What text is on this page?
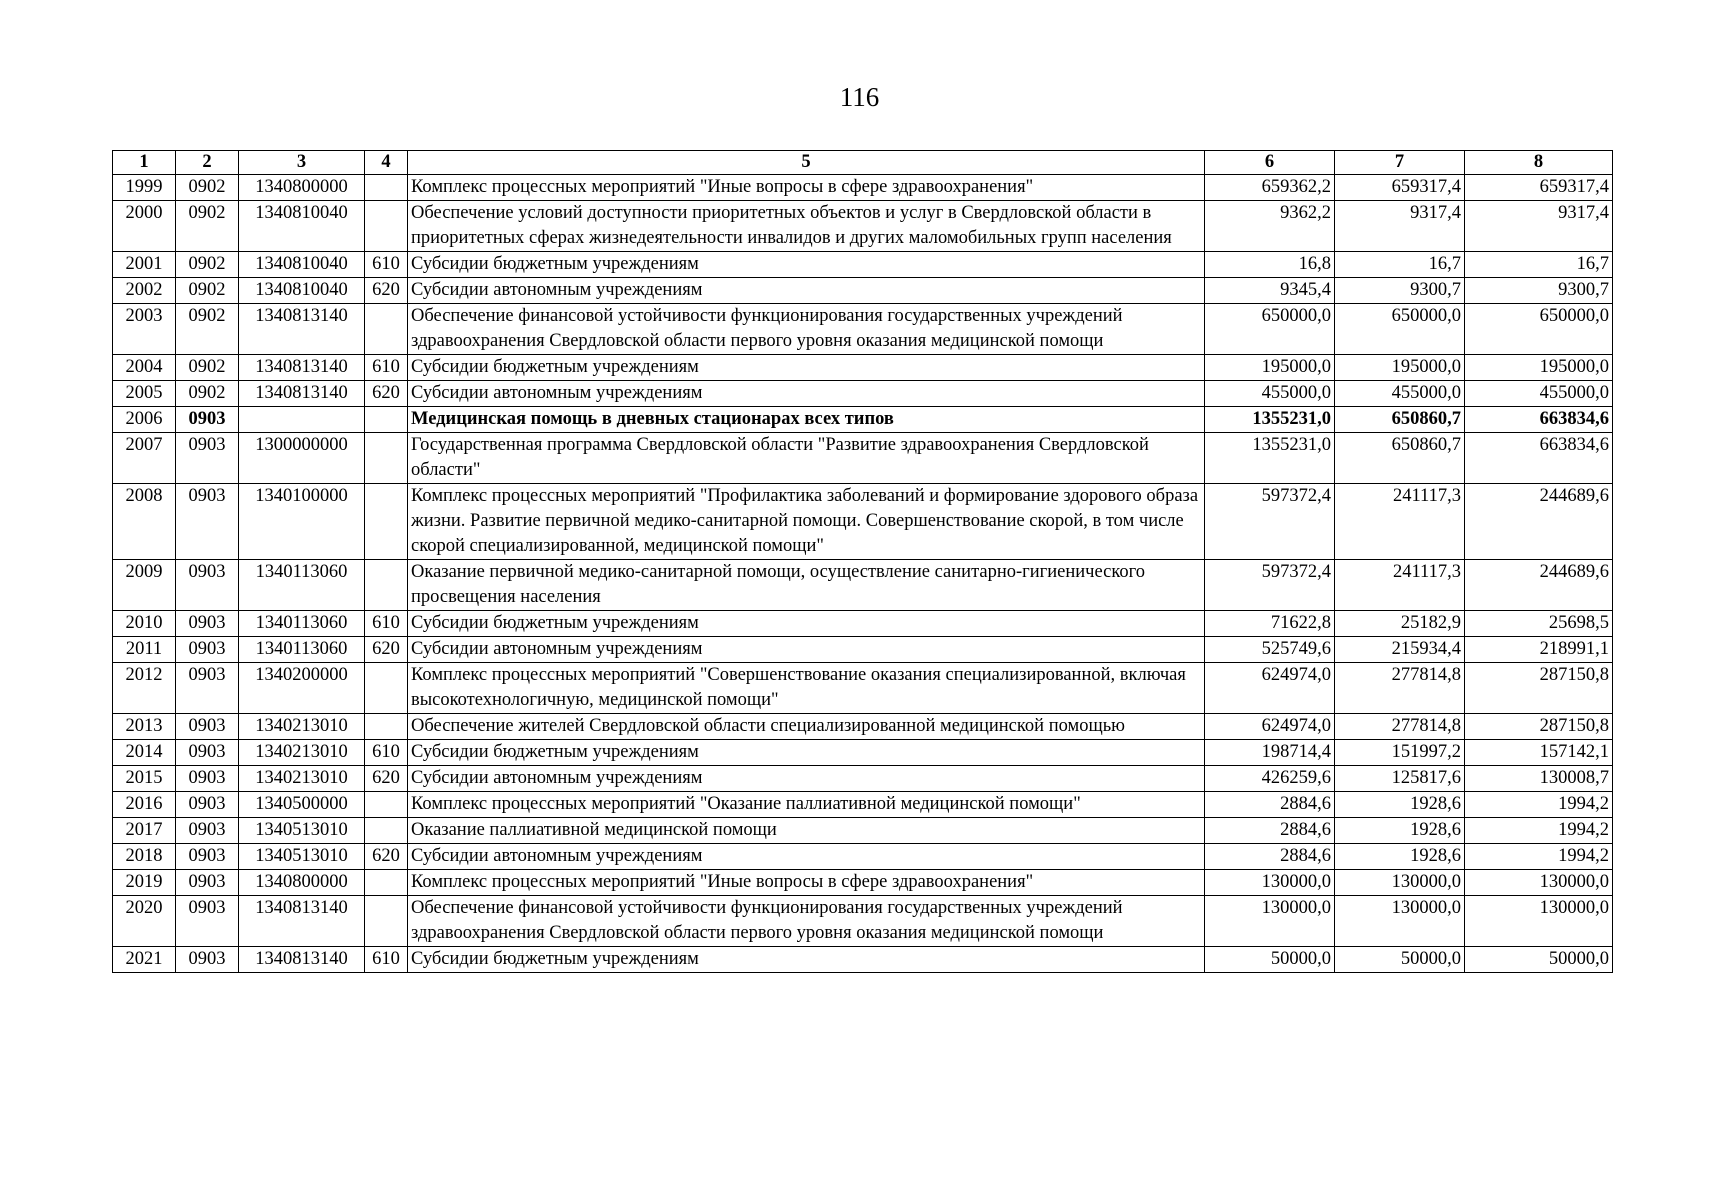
116
1	2	3	4	5	6	7	8
1999	0902	1340800000		Комплекс процессных мероприятий "Иные вопросы в сфере здравоохранения"	659362,2	659317,4	659317,4
2000	0902	1340810040		Обеспечение условий доступности приоритетных объектов и услуг в Свердловской области в приоритетных сферах жизнедеятельности инвалидов и других маломобильных групп населения	9362,2	9317,4	9317,4
2001	0902	1340810040	610	Субсидии бюджетным учреждениям	16,8	16,7	16,7
2002	0902	1340810040	620	Субсидии автономным учреждениям	9345,4	9300,7	9300,7
2003	0902	1340813140		Обеспечение финансовой устойчивости функционирования государственных учреждений здравоохранения Свердловской области первого уровня оказания медицинской помощи	650000,0	650000,0	650000,0
2004	0902	1340813140	610	Субсидии бюджетным учреждениям	195000,0	195000,0	195000,0
2005	0902	1340813140	620	Субсидии автономным учреждениям	455000,0	455000,0	455000,0
2006	0903			Медицинская помощь в дневных стационарах всех типов	1355231,0	650860,7	663834,6
2007	0903	1300000000		Государственная программа Свердловской области "Развитие здравоохранения Свердловской области"	1355231,0	650860,7	663834,6
2008	0903	1340100000		Комплекс процессных мероприятий "Профилактика заболеваний и формирование здорового образа жизни. Развитие первичной медико-санитарной помощи. Совершенствование скорой, в том числе скорой специализированной, медицинской помощи"	597372,4	241117,3	244689,6
2009	0903	1340113060		Оказание первичной медико-санитарной помощи, осуществление санитарно-гигиенического просвещения населения	597372,4	241117,3	244689,6
2010	0903	1340113060	610	Субсидии бюджетным учреждениям	71622,8	25182,9	25698,5
2011	0903	1340113060	620	Субсидии автономным учреждениям	525749,6	215934,4	218991,1
2012	0903	1340200000		Комплекс процессных мероприятий "Совершенствование оказания специализированной, включая высокотехнологичную, медицинской помощи"	624974,0	277814,8	287150,8
2013	0903	1340213010		Обеспечение жителей Свердловской области специализированной медицинской помощью	624974,0	277814,8	287150,8
2014	0903	1340213010	610	Субсидии бюджетным учреждениям	198714,4	151997,2	157142,1
2015	0903	1340213010	620	Субсидии автономным учреждениям	426259,6	125817,6	130008,7
2016	0903	1340500000		Комплекс процессных мероприятий "Оказание паллиативной медицинской помощи"	2884,6	1928,6	1994,2
2017	0903	1340513010		Оказание паллиативной медицинской помощи	2884,6	1928,6	1994,2
2018	0903	1340513010	620	Субсидии автономным учреждениям	2884,6	1928,6	1994,2
2019	0903	1340800000		Комплекс процессных мероприятий "Иные вопросы в сфере здравоохранения"	130000,0	130000,0	130000,0
2020	0903	1340813140		Обеспечение финансовой устойчивости функционирования государственных учреждений здравоохранения Свердловской области первого уровня оказания медицинской помощи	130000,0	130000,0	130000,0
2021	0903	1340813140	610	Субсидии бюджетным учреждениям	50000,0	50000,0	50000,0
